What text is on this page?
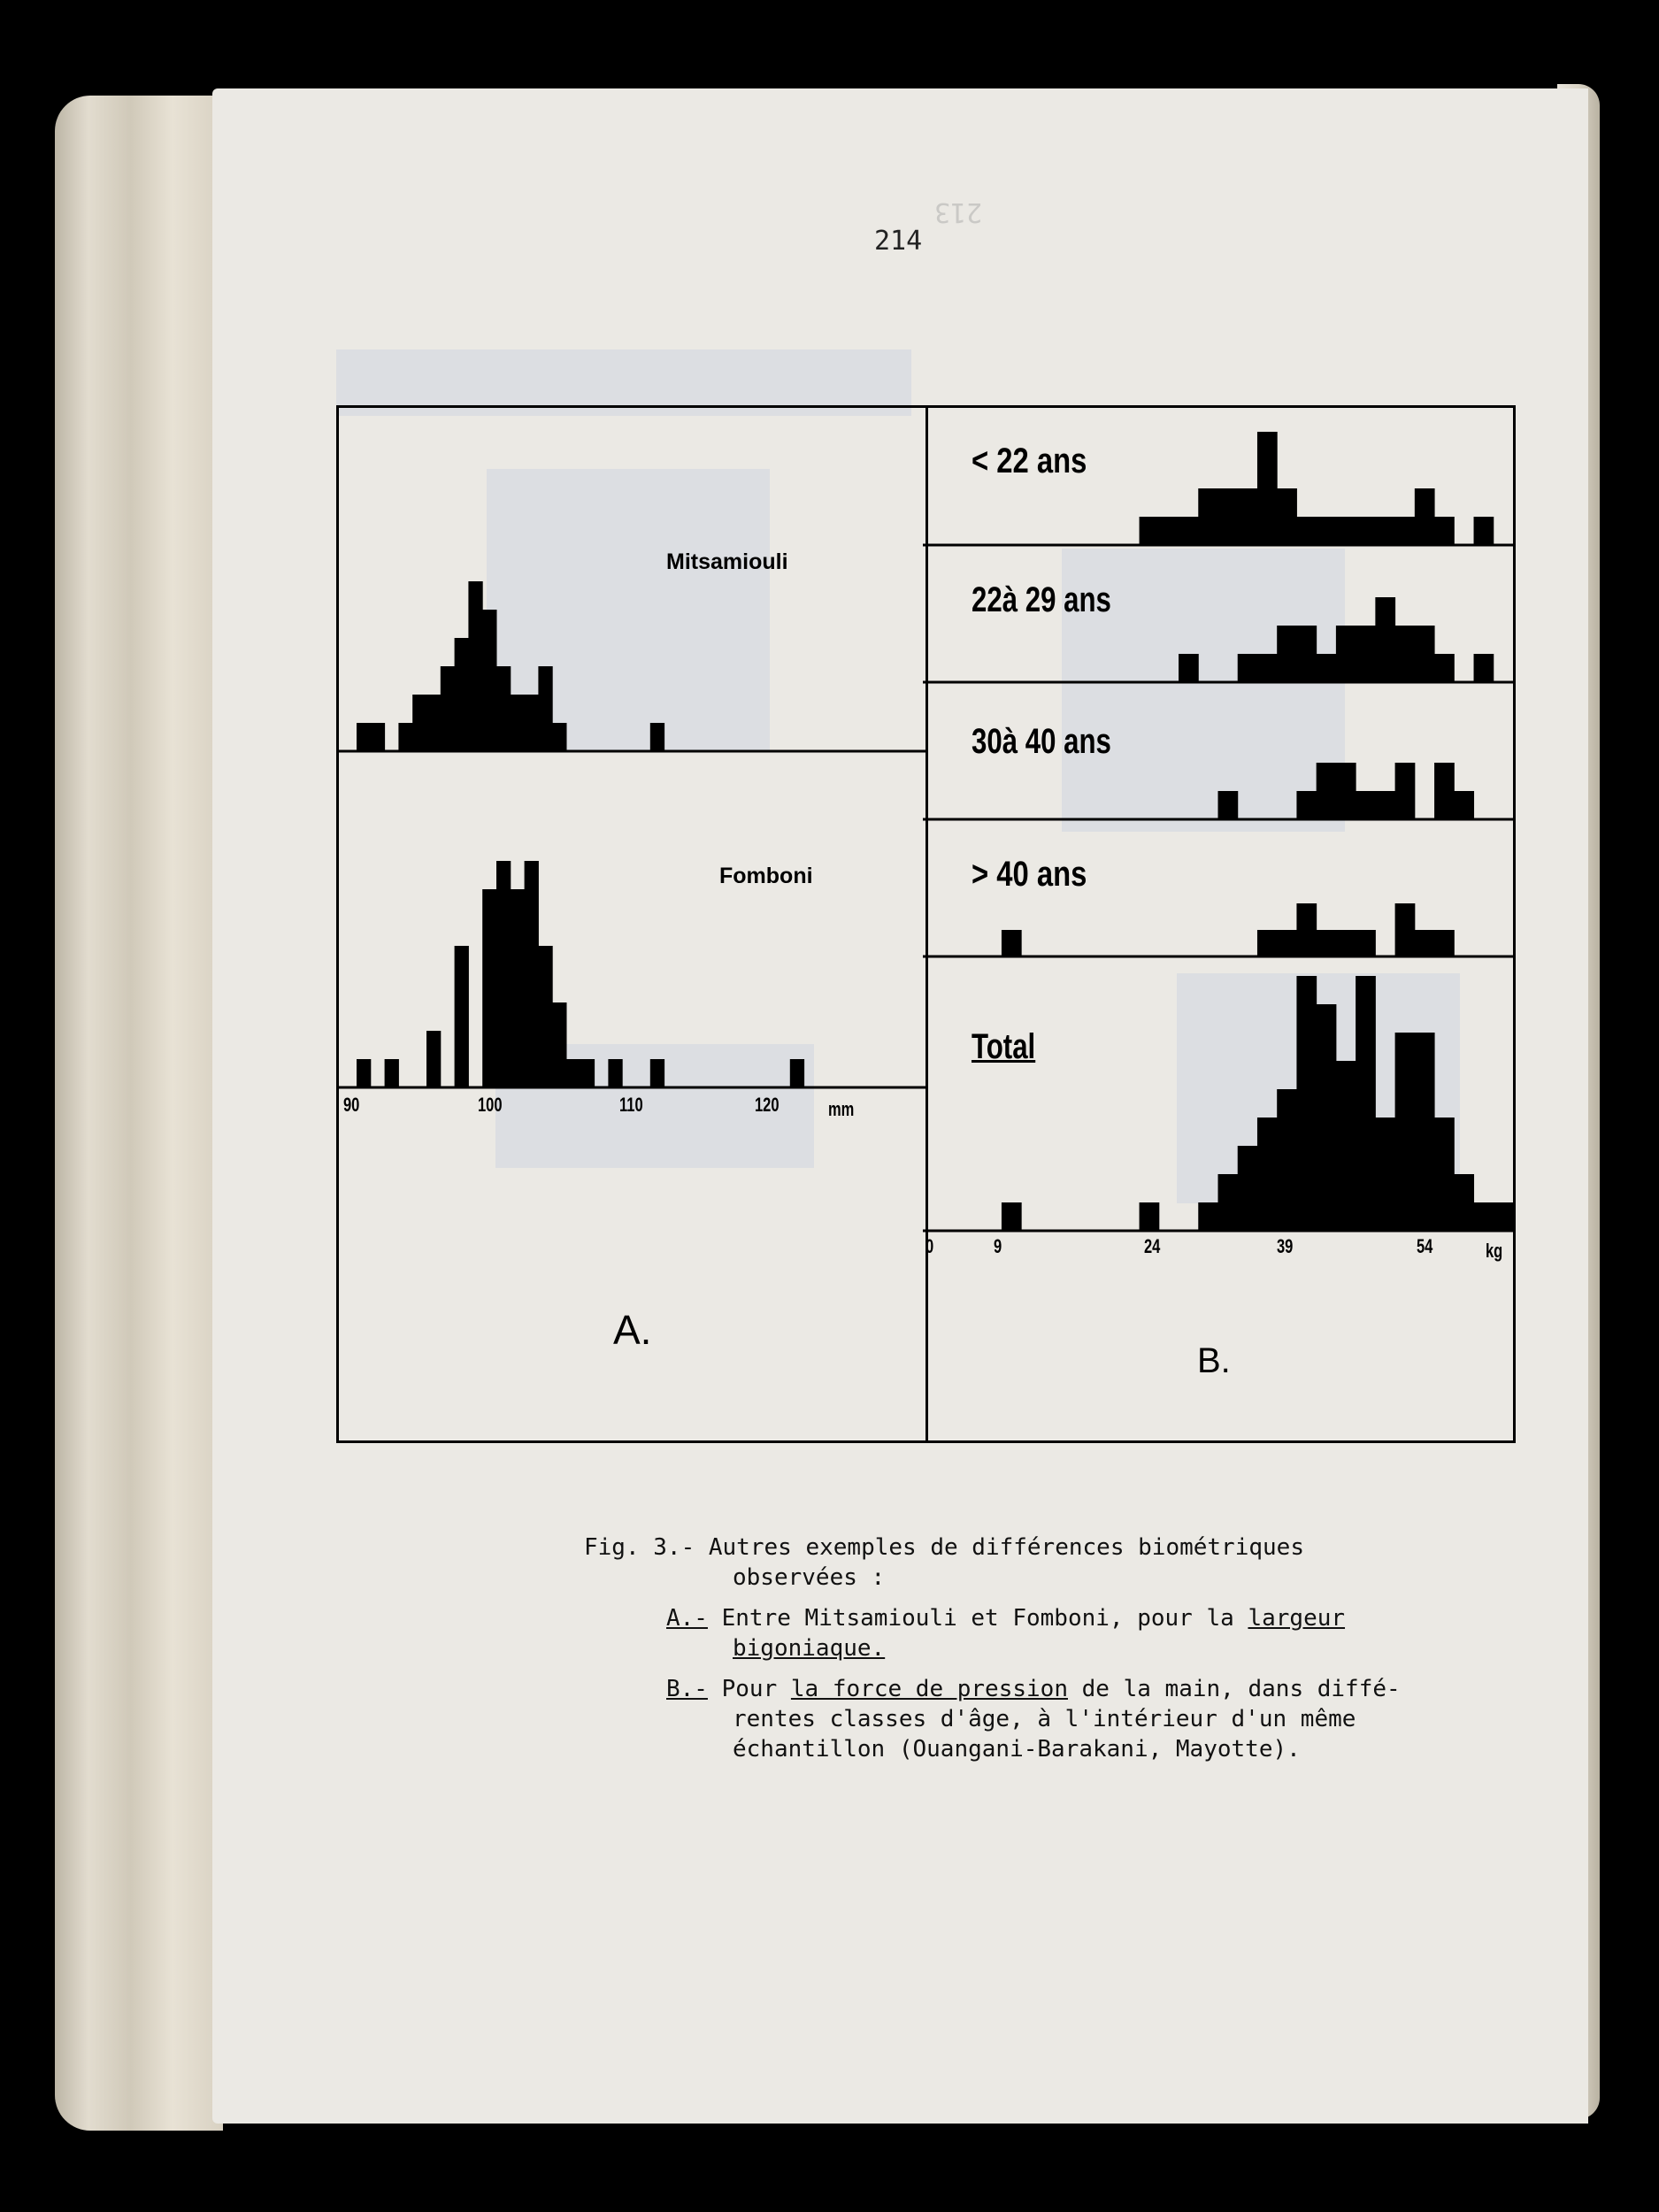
214
213
Mitsamiouli
Fomboni
90	100	110	120	mm
A.
< 22 ans
22à 29 ans
30à 40 ans
> 40 ans
Total
0	9	24	39	54	kg
B.
Fig. 3.- Autres exemples de différences biométriques
observées :
A.- Entre Mitsamiouli et Fomboni, pour la largeur
bigoniaque.
B.- Pour la force de pression de la main, dans diffé-
rentes classes d'âge, à l'intérieur d'un même
échantillon (Ouangani-Barakani, Mayotte).
